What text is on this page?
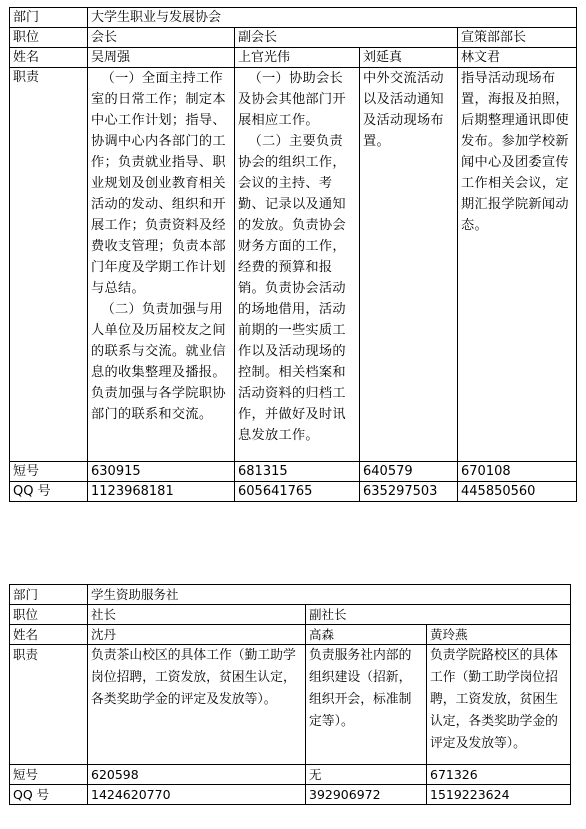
部门	大学生职业与发展协会			
职位	会长	副会长		宣策部部长
姓名	吴周强	上官光伟	刘延真	林文君
职责	（一）全面主持工作室的日常工作；制定本中心工作计划；指导、协调中心内各部门的工作；负责就业指导、职业规划及创业教育相关活动的发动、组织和开展工作；负责资料及经费收支管理；负责本部门年度及学期工作计划与总结。
（二）负责加强与用人单位及历届校友之间的联系与交流。就业信息的收集整理及播报。负责加强与各学院职协部门的联系和交流。	（一）协助会长及协会其他部门开展相应工作。
（二）主要负责协会的组织工作，会议的主持、考勤、记录以及通知的发放。负责协会财务方面的工作，经费的预算和报销。负责协会活动的场地借用，活动前期的一些实质工作以及活动现场的控制。相关档案和活动资料的归档工作，并做好及时讯息发放工作。	中外交流活动以及活动通知及活动现场布置。	指导活动现场布置，海报及拍照，后期整理通讯即使发布。参加学校新闻中心及团委宣传工作相关会议，定期汇报学院新闻动态。
短号	630915	681315	640579	670108
QQ 号	1123968181	605641765	635297503	445850560
部门	学生资助服务社		
职位	社长	副社长	
姓名	沈丹	高森	黄玲燕
职责	负责茶山校区的具体工作（勤工助学岗位招聘，工资发放，贫困生认定，各类奖助学金的评定及发放等）。	负责服务社内部的组织建设（招新，组织开会，标准制定等）。	负责学院路校区的具体工作（勤工助学岗位招聘，工资发放，贫困生认定，各类奖助学金的评定及发放等）。
短号	620598	无	671326
QQ 号	1424620770	392906972	1519223624
